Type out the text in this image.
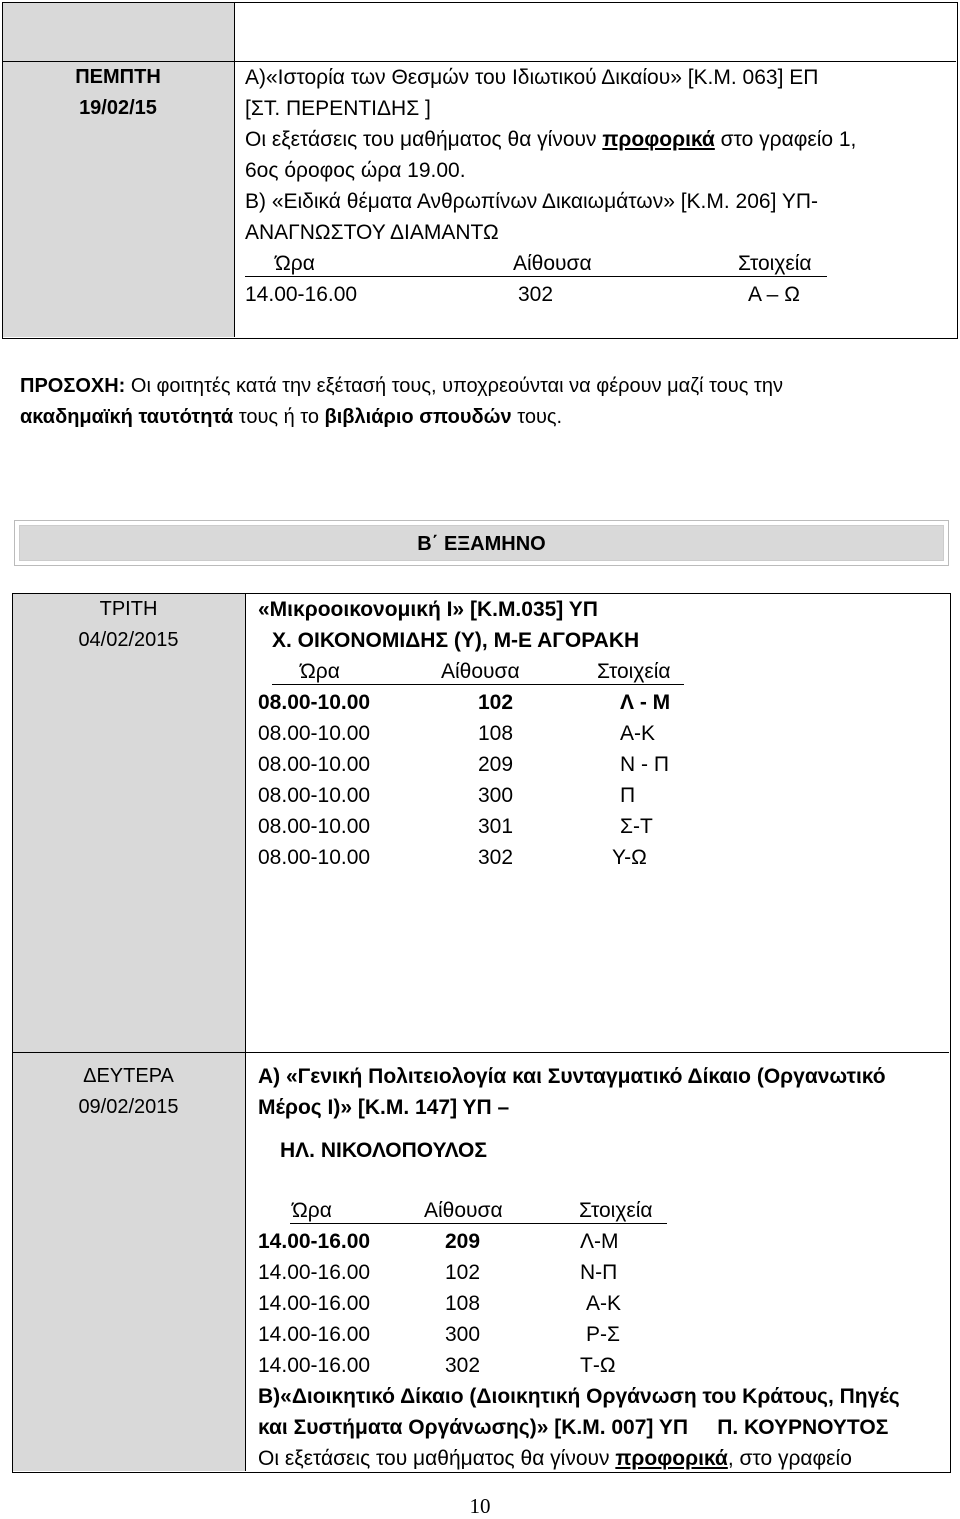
ΠΕΜΠΤΗ
19/02/15
Α)«Ιστορία των Θεσμών του Ιδιωτικού Δικαίου» [Κ.Μ. 063] ΕΠ
[ΣΤ. ΠΕΡΕΝΤΙΔΗΣ ]
Οι εξετάσεις του μαθήματος θα γίνουν προφορικά στο γραφείο 1,
6ος όροφος ώρα 19.00.
Β) «Ειδικά θέματα Ανθρωπίνων Δικαιωμάτων» [Κ.Μ. 206] ΥΠ-
ΑΝΑΓΝΩΣΤΟΥ ΔΙΑΜΑΝΤΩ
Ώρα	Αίθουσα	Στοιχεία
14.00-16.00	302	Α – Ω
ΠΡΟΣΟΧΗ: Οι φοιτητές κατά την εξέτασή τους, υποχρεούνται να φέρουν μαζί τους την
ακαδημαϊκή ταυτότητά τους ή το βιβλιάριο σπουδών τους.
Β΄ ΕΞΑΜΗΝΟ
ΤΡΙΤΗ
04/02/2015
«Μικροοικονομική Ι» [Κ.Μ.035] ΥΠ
Χ. ΟΙΚΟΝΟΜΙΔΗΣ (Υ), Μ-Ε ΑΓΟΡΑΚΗ
Ώρα	Αίθουσα	Στοιχεία
08.00-10.00	102	Λ - Μ
08.00-10.00	108	Α-Κ
08.00-10.00	209	Ν - Π
08.00-10.00	300	Π
08.00-10.00	301	Σ-Τ
08.00-10.00	302	Υ-Ω
ΔΕΥΤΕΡΑ
09/02/2015
Α) «Γενική Πολιτειολογία και Συνταγματικό Δίκαιο (Οργανωτικό
Μέρος Ι)» [Κ.Μ. 147] ΥΠ –
ΗΛ. ΝΙΚΟΛΟΠΟΥΛΟΣ
Ώρα	Αίθουσα	Στοιχεία
14.00-16.00	209	Λ-Μ
14.00-16.00	102	Ν-Π
14.00-16.00	108	Α-Κ
14.00-16.00	300	Ρ-Σ
14.00-16.00	302	Τ-Ω
Β)«Διοικητικό Δίκαιο (Διοικητική Οργάνωση του Κράτους, Πηγές
και Συστήματα Οργάνωσης)» [Κ.Μ. 007] ΥΠ     Π. ΚΟΥΡΝΟΥΤΟΣ
Οι εξετάσεις του μαθήματος θα γίνουν προφορικά, στο γραφείο
10
